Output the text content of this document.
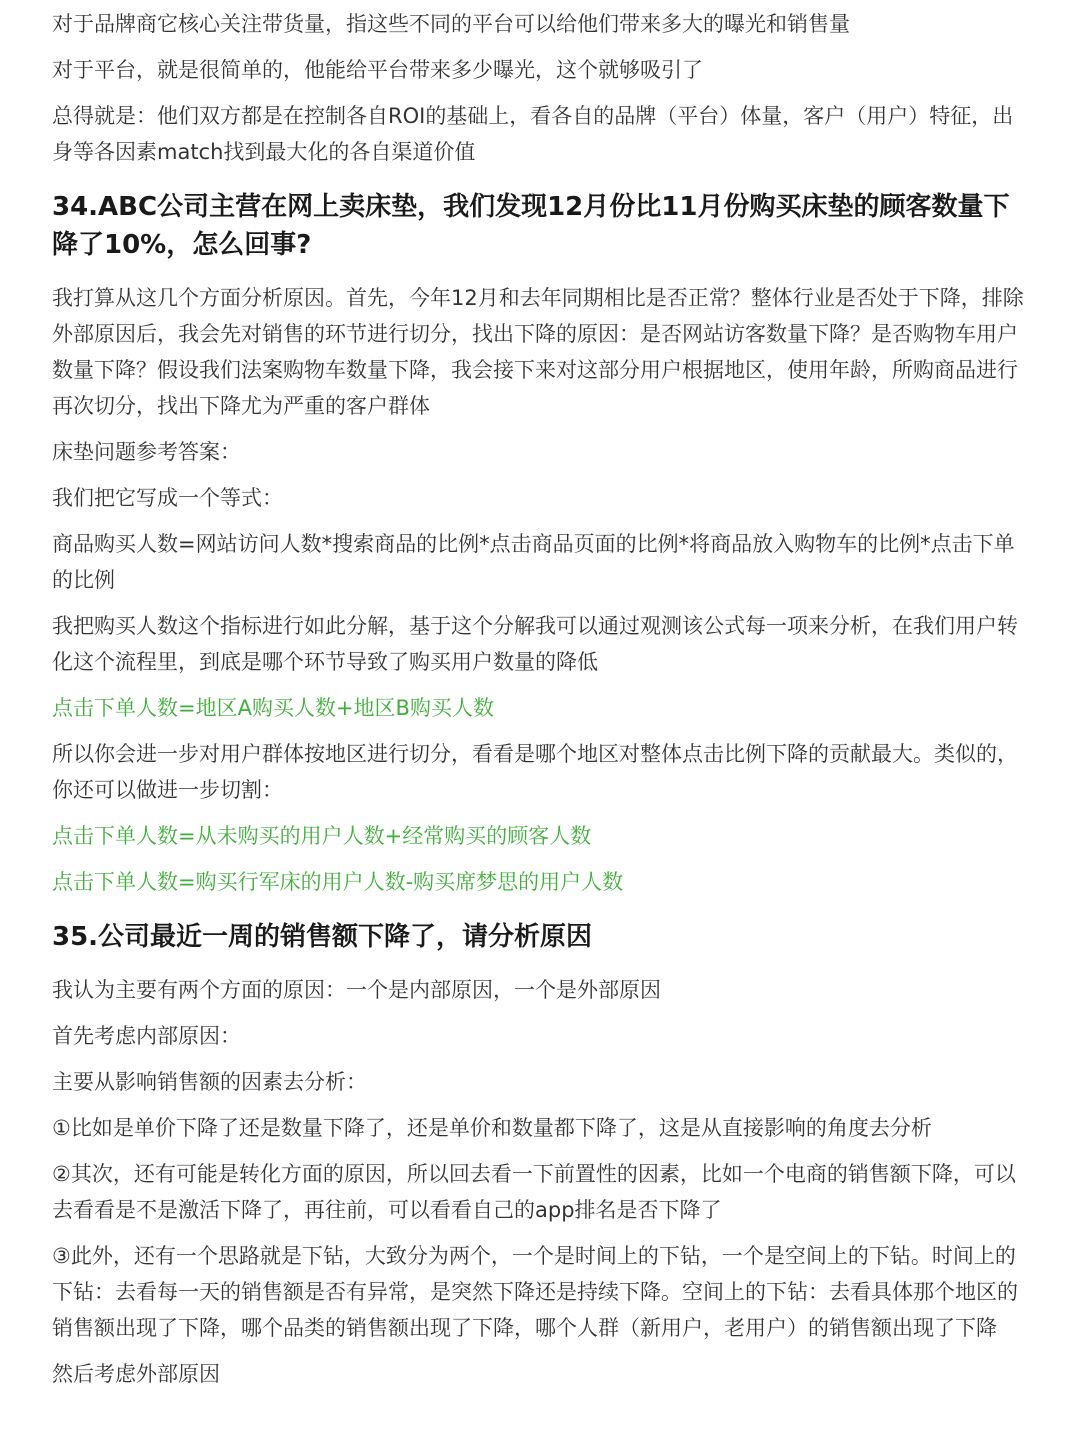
对于品牌商它核心关注带货量，指这些不同的平台可以给他们带来多大的曝光和销售量

对于平台，就是很简单的，他能给平台带来多少曝光，这个就够吸引了

总得就是：他们双方都是在控制各自ROI的基础上，看各自的品牌（平台）体量，客户（用户）特征，出身等各因素match找到最大化的各自渠道价值

34.ABC公司主营在网上卖床垫，我们发现12月份比11月份购买床垫的顾客数量下降了10%，怎么回事?

我打算从这几个方面分析原因。首先，今年12月和去年同期相比是否正常？整体行业是否处于下降，排除外部原因后，我会先对销售的环节进行切分，找出下降的原因：是否网站访客数量下降？是否购物车用户数量下降？假设我们法案购物车数量下降，我会接下来对这部分用户根据地区，使用年龄，所购商品进行再次切分，找出下降尤为严重的客户群体

床垫问题参考答案：

我们把它写成一个等式：

商品购买人数=网站访问人数*搜索商品的比例*点击商品页面的比例*将商品放入购物车的比例*点击下单的比例

我把购买人数这个指标进行如此分解，基于这个分解我可以通过观测该公式每一项来分析，在我们用户转化这个流程里，到底是哪个环节导致了购买用户数量的降低

点击下单人数=地区A购买人数+地区B购买人数

所以你会进一步对用户群体按地区进行切分，看看是哪个地区对整体点击比例下降的贡献最大。类似的，你还可以做进一步切割：

点击下单人数=从未购买的用户人数+经常购买的顾客人数

点击下单人数=购买行军床的用户人数-购买席梦思的用户人数

35.公司最近一周的销售额下降了，请分析原因

我认为主要有两个方面的原因：一个是内部原因，一个是外部原因

首先考虑内部原因：

主要从影响销售额的因素去分析：

①比如是单价下降了还是数量下降了，还是单价和数量都下降了，这是从直接影响的角度去分析

②其次，还有可能是转化方面的原因，所以回去看一下前置性的因素，比如一个电商的销售额下降，可以去看看是不是激活下降了，再往前，可以看看自己的app排名是否下降了

③此外，还有一个思路就是下钻，大致分为两个，一个是时间上的下钻，一个是空间上的下钻。时间上的下钻：去看每一天的销售额是否有异常，是突然下降还是持续下降。空间上的下钻：去看具体那个地区的销售额出现了下降，哪个品类的销售额出现了下降，哪个人群（新用户，老用户）的销售额出现了下降

然后考虑外部原因
